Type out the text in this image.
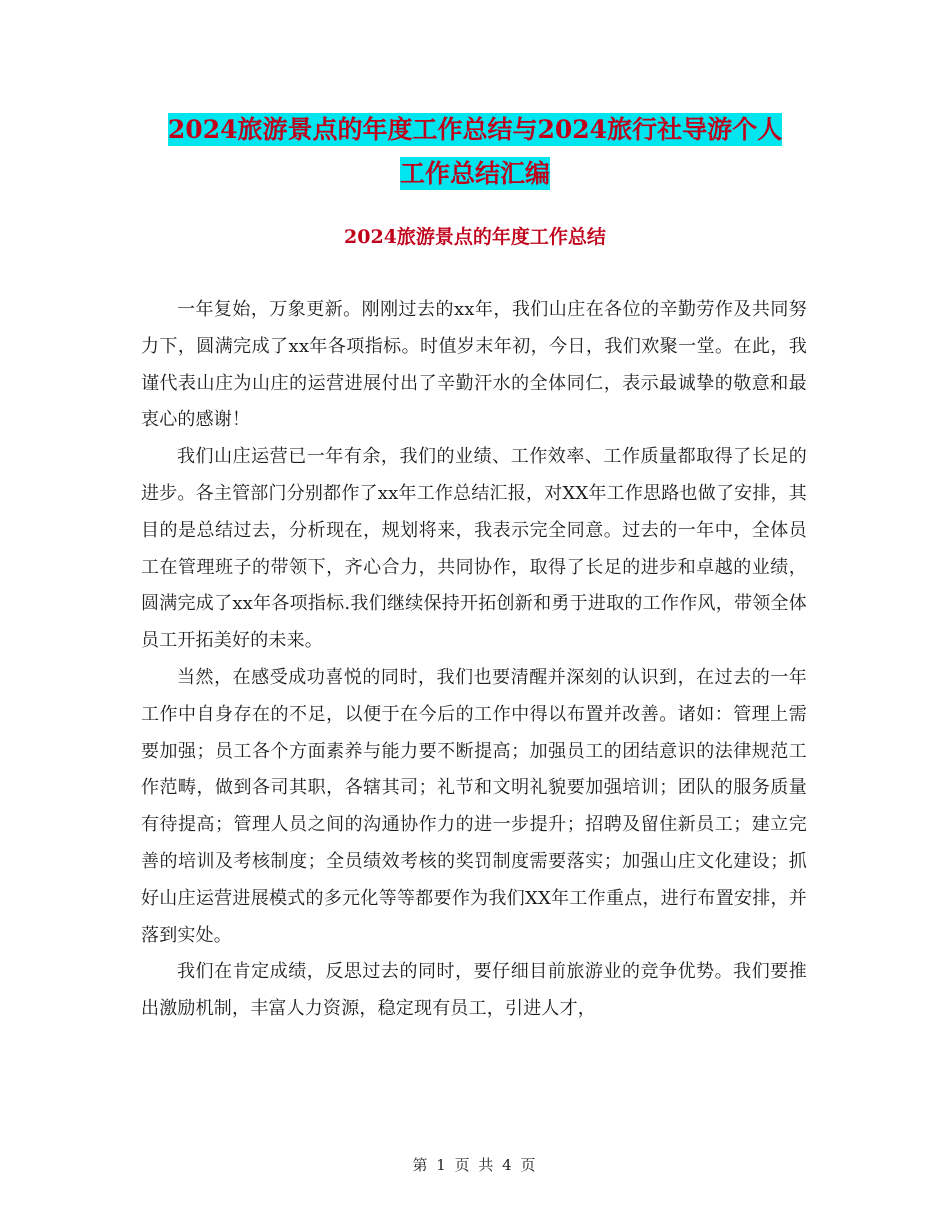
2024旅游景点的年度工作总结与2024旅行社导游个人
工作总结汇编
2024旅游景点的年度工作总结

一年复始，万象更新。刚刚过去的xx年，我们山庄在各位的辛勤劳作及共同努力下，圆满完成了xx年各项指标。时值岁末年初，今日，我们欢聚一堂。在此，我谨代表山庄为山庄的运营进展付出了辛勤汗水的全体同仁，表示最诚挚的敬意和最衷心的感谢！

我们山庄运营已一年有余，我们的业绩、工作效率、工作质量都取得了长足的进步。各主管部门分别都作了xx年工作总结汇报，对XX年工作思路也做了安排，其目的是总结过去，分析现在，规划将来，我表示完全同意。过去的一年中，全体员工在管理班子的带领下，齐心合力，共同协作，取得了长足的进步和卓越的业绩，圆满完成了xx年各项指标.我们继续保持开拓创新和勇于进取的工作作风，带领全体员工开拓美好的未来。

当然，在感受成功喜悦的同时，我们也要清醒并深刻的认识到，在过去的一年工作中自身存在的不足，以便于在今后的工作中得以布置并改善。诸如：管理上需要加强；员工各个方面素养与能力要不断提高；加强员工的团结意识的法律规范工作范畴，做到各司其职，各辖其司；礼节和文明礼貌要加强培训；团队的服务质量有待提高；管理人员之间的沟通协作力的进一步提升；招聘及留住新员工；建立完善的培训及考核制度；全员绩效考核的奖罚制度需要落实；加强山庄文化建设；抓好山庄运营进展模式的多元化等等都要作为我们XX年工作重点，进行布置安排，并落到实处。

我们在肯定成绩，反思过去的同时，要仔细目前旅游业的竞争优势。我们要推出激励机制，丰富人力资源，稳定现有员工，引进人才，

第 1 页 共 4 页
